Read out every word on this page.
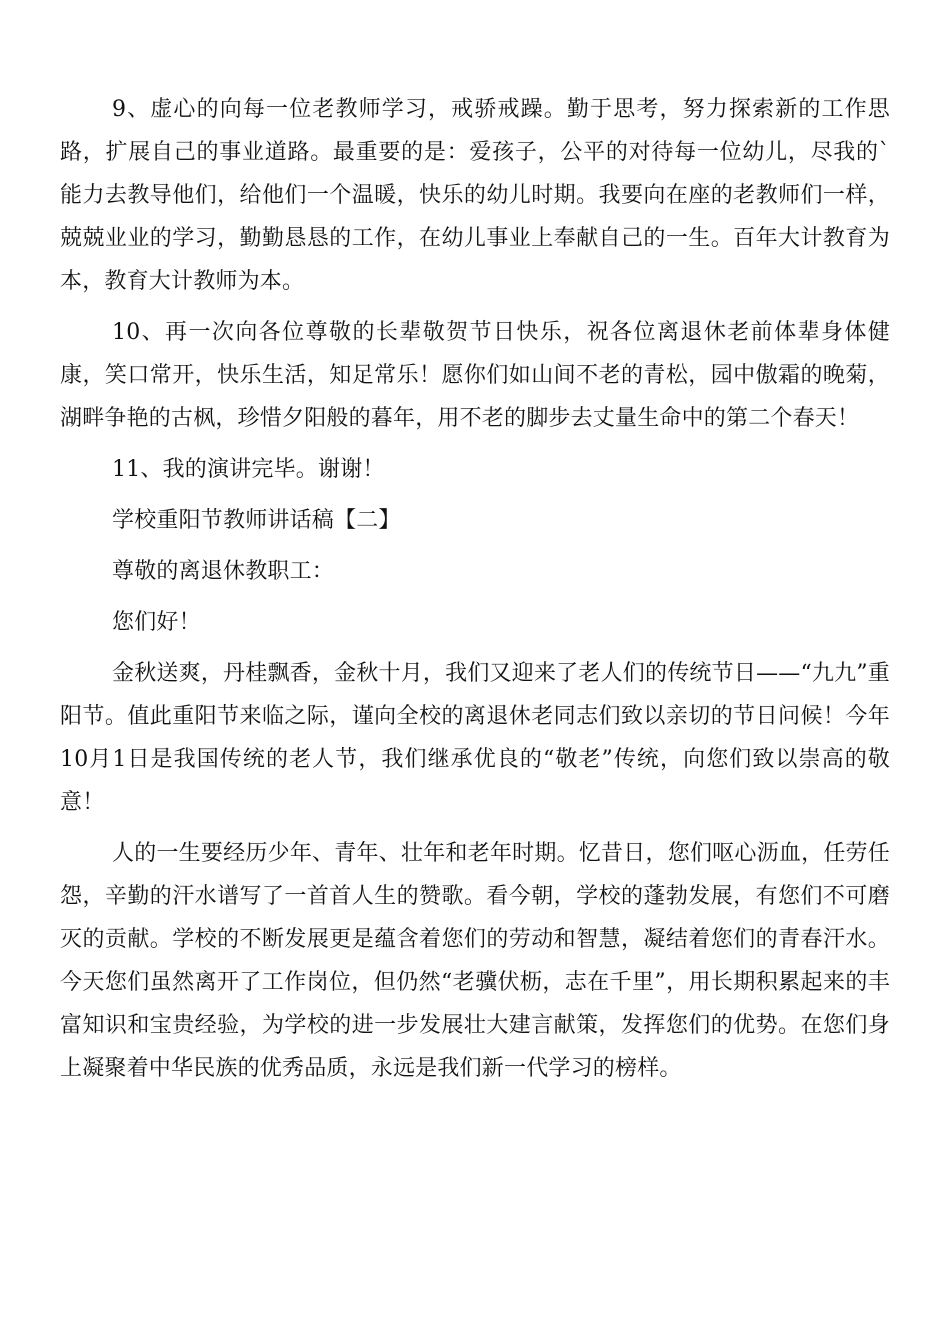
9、虚心的向每一位老教师学习，戒骄戒躁。勤于思考，努力探索新的工作思路，扩展自己的事业道路。最重要的是：爱孩子，公平的对待每一位幼儿，尽我的`能力去教导他们，给他们一个温暖，快乐的幼儿时期。我要向在座的老教师们一样，兢兢业业的学习，勤勤恳恳的工作，在幼儿事业上奉献自己的一生。百年大计教育为本，教育大计教师为本。

10、再一次向各位尊敬的长辈敬贺节日快乐，祝各位离退休老前体辈身体健康，笑口常开，快乐生活，知足常乐！愿你们如山间不老的青松，园中傲霜的晚菊，湖畔争艳的古枫，珍惜夕阳般的暮年，用不老的脚步去丈量生命中的第二个春天！

11、我的演讲完毕。谢谢！

学校重阳节教师讲话稿【二】

尊敬的离退休教职工：

您们好！

金秋送爽，丹桂飘香，金秋十月，我们又迎来了老人们的传统节日——“九九”重阳节。值此重阳节来临之际，谨向全校的离退休老同志们致以亲切的节日问候！今年10月1日是我国传统的老人节，我们继承优良的“敬老”传统，向您们致以崇高的敬意！

人的一生要经历少年、青年、壮年和老年时期。忆昔日，您们呕心沥血，任劳任怨，辛勤的汗水谱写了一首首人生的赞歌。看今朝，学校的蓬勃发展，有您们不可磨灭的贡献。学校的不断发展更是蕴含着您们的劳动和智慧，凝结着您们的青春汗水。今天您们虽然离开了工作岗位，但仍然“老骥伏枥，志在千里”，用长期积累起来的丰富知识和宝贵经验，为学校的进一步发展壮大建言献策，发挥您们的优势。在您们身上凝聚着中华民族的优秀品质，永远是我们新一代学习的榜样。
